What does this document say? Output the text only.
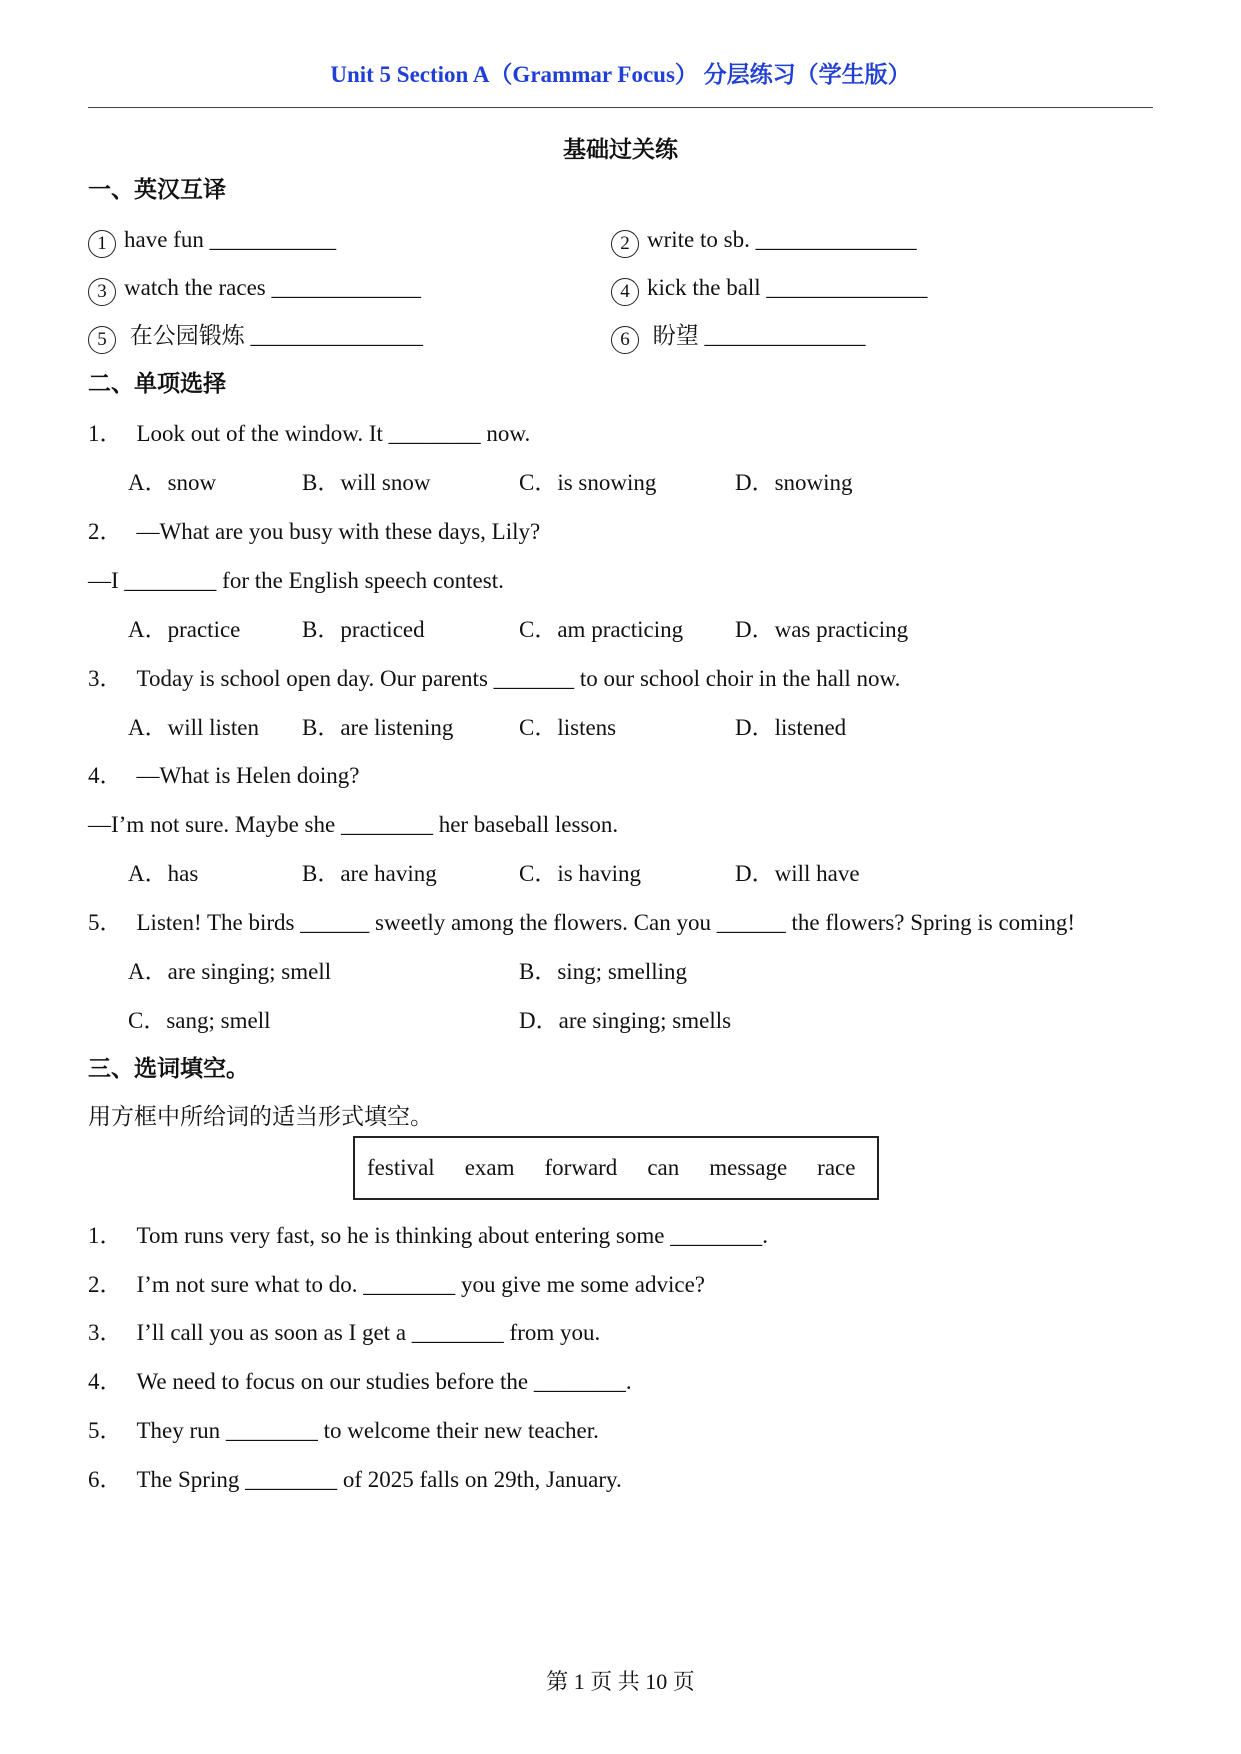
Unit 5 Section A（Grammar Focus） 分层练习（学生版）
基础过关练
一、英汉互译
1 have fun ___________	2 write to sb. ______________
3 watch the races _____________	4 kick the ball ______________
5 在公园锻炼 _______________	6 盼望 ______________
二、单项选择
1． Look out of the window. It ________ now.
A．snow	B．will snow	C．is snowing	D．snowing
2． —What are you busy with these days, Lily?
—I ________ for the English speech contest.
A．practice	B．practiced	C．am practicing D．was practicing
3． Today is school open day. Our parents _______ to our school choir in the hall now.
A．will listen B．are listening	C．listens	D．listened
4． —What is Helen doing?
—I’m not sure. Maybe she ________ her baseball lesson.
A．has	B．are having	C．is having	D．will have
5． Listen! The birds ______ sweetly among the flowers. Can you ______ the flowers? Spring is coming!
A．are singing; smell	B．sing; smelling
C．sang; smell	D．are singing; smells
三、选词填空。
用方框中所给词的适当形式填空。
festival exam forward can message race
1． Tom runs very fast, so he is thinking about entering some ________.
2． I’m not sure what to do. ________ you give me some advice?
3． I’ll call you as soon as I get a ________ from you.
4． We need to focus on our studies before the ________.
5． They run ________ to welcome their new teacher.
6． The Spring ________ of 2025 falls on 29th, January.
第 1 页 共 10 页
